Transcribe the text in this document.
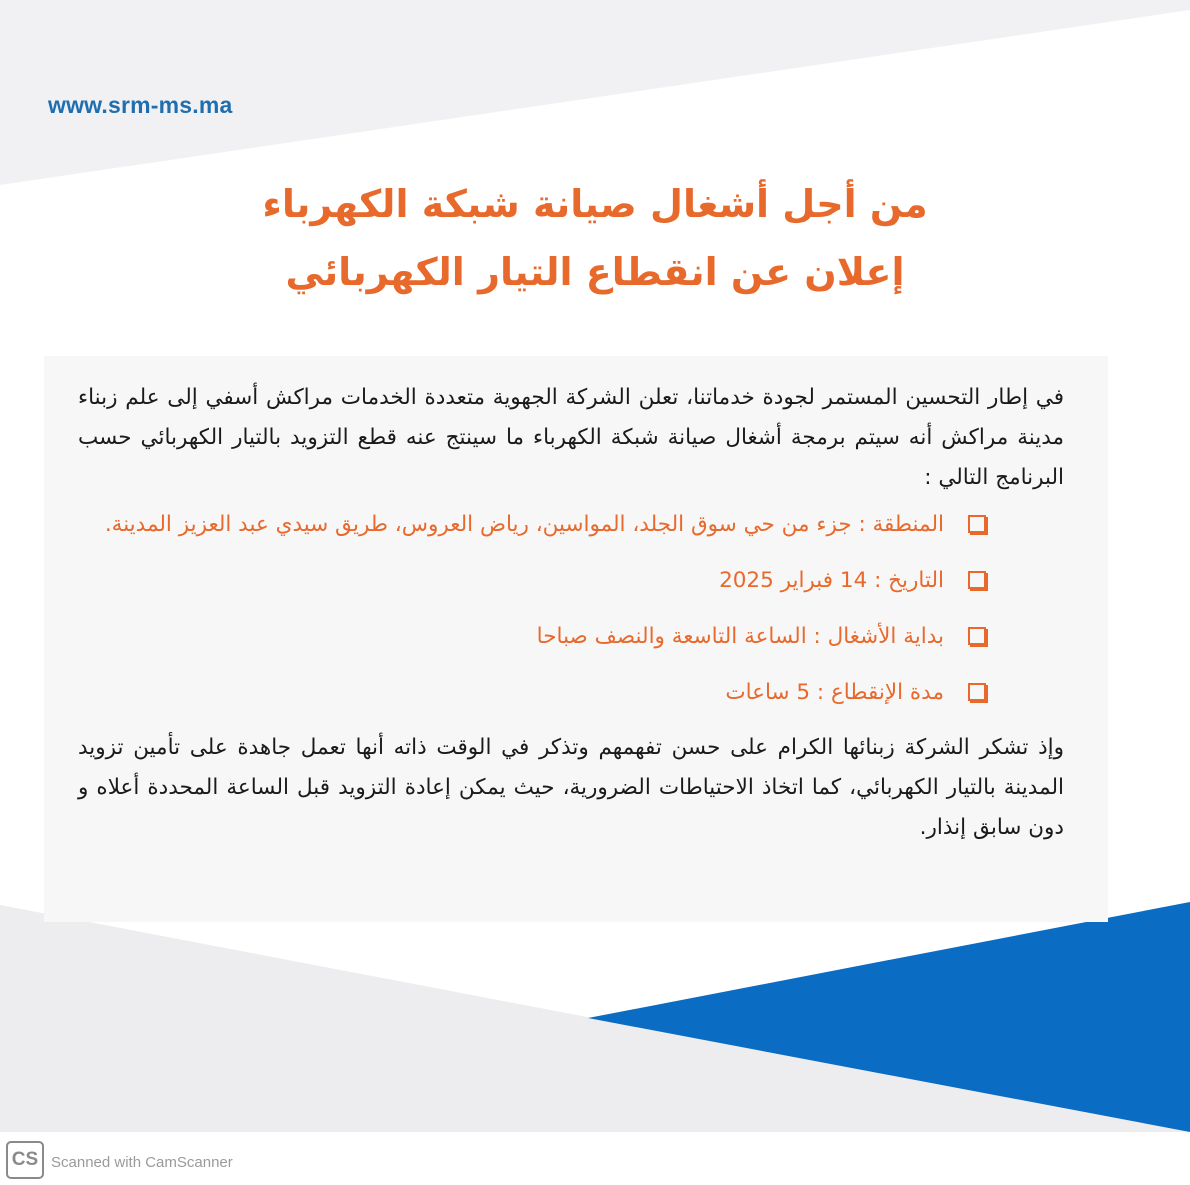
www.srm-ms.ma
من أجل أشغال صيانة شبكة الكهرباء
إعلان عن انقطاع التيار الكهربائي

في إطار التحسين المستمر لجودة خدماتنا، تعلن الشركة الجهوية متعددة الخدمات مراكش أسفي إلى علم زبناء مدينة مراكش أنه سيتم برمجة أشغال صيانة شبكة الكهرباء ما سينتج عنه قطع التزويد بالتيار الكهربائي حسب البرنامج التالي :

المنطقة : جزء من حي سوق الجلد، المواسين، رياض العروس، طريق سيدي عبد العزيز المدينة.
التاريخ : 14 فبراير 2025
بداية الأشغال : الساعة التاسعة والنصف صباحا
مدة الإنقطاع : 5 ساعات

وإذ تشكر الشركة زبنائها الكرام على حسن تفهمهم وتذكر في الوقت ذاته أنها تعمل جاهدة على تأمين تزويد المدينة بالتيار الكهربائي، كما اتخاذ الاحتياطات الضرورية، حيث يمكن إعادة التزويد قبل الساعة المحددة أعلاه و دون سابق إنذار.

CS Scanned with CamScanner
